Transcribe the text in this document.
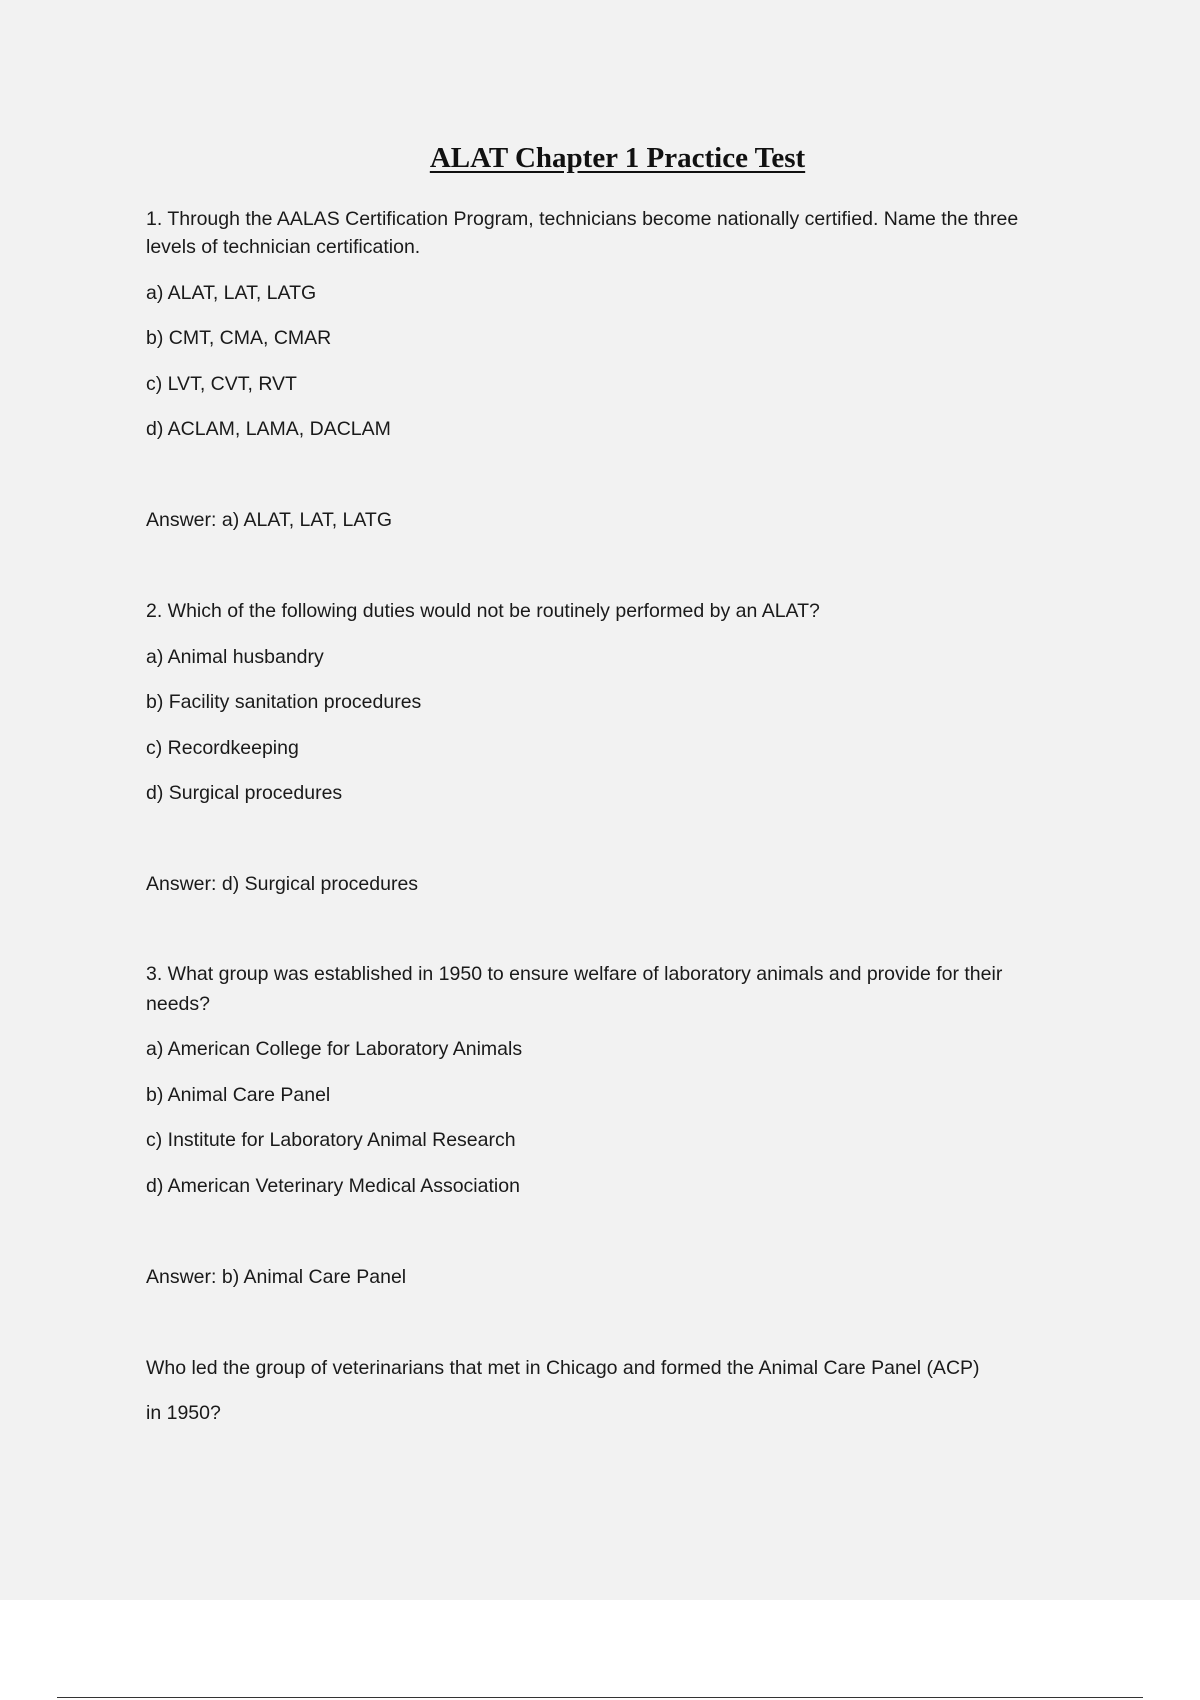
ALAT Chapter 1 Practice Test
1. Through the AALAS Certification Program, technicians become nationally certified. Name the three
levels of technician certification.
a) ALAT, LAT, LATG
b) CMT, CMA, CMAR
c) LVT, CVT, RVT
d) ACLAM, LAMA, DACLAM
Answer: a) ALAT, LAT, LATG
2. Which of the following duties would not be routinely performed by an ALAT?
a) Animal husbandry
b) Facility sanitation procedures
c) Recordkeeping
d) Surgical procedures
Answer: d) Surgical procedures
3. What group was established in 1950 to ensure welfare of laboratory animals and provide for their
needs?
a) American College for Laboratory Animals
b) Animal Care Panel
c) Institute for Laboratory Animal Research
d) American Veterinary Medical Association
Answer: b) Animal Care Panel
Who led the group of veterinarians that met in Chicago and formed the Animal Care Panel (ACP)
in 1950?
